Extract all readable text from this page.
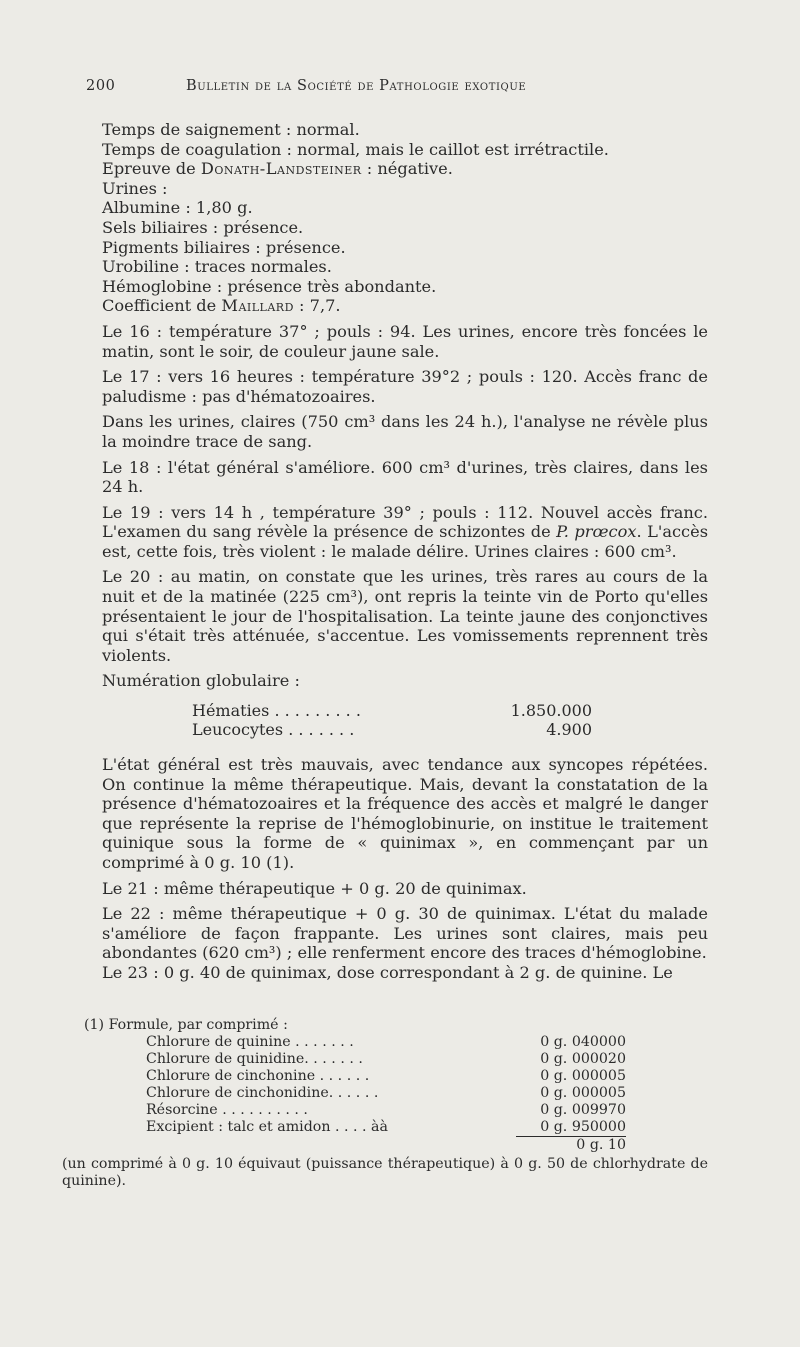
200	Bulletin de la Société de Pathologie exotique

Temps de saignement : normal.

Temps de coagulation : normal, mais le caillot est irrétractile.

Epreuve de Donath-Landsteiner : négative.

Urines :

Albumine : 1,80 g.

Sels biliaires : présence.

Pigments biliaires : présence.

Urobiline : traces normales.

Hémoglobine : présence très abondante.

Coefficient de Maillard : 7,7.

Le 16 : température 37° ; pouls : 94. Les urines, encore très foncées le matin, sont le soir, de couleur jaune sale.

Le 17 : vers 16 heures : température 39°2 ; pouls : 120. Accès franc de paludisme : pas d'hématozoaires.

Dans les urines, claires (750 cm³ dans les 24 h.), l'analyse ne révèle plus la moindre trace de sang.

Le 18 : l'état général s'améliore. 600 cm³ d'urines, très claires, dans les 24 h.

Le 19 : vers 14 h , température 39° ; pouls : 112. Nouvel accès franc. L'examen du sang révèle la présence de schizontes de P. prœcox. L'accès est, cette fois, très violent : le malade délire. Urines claires : 600 cm³.

Le 20 : au matin, on constate que les urines, très rares au cours de la nuit et de la matinée (225 cm³), ont repris la teinte vin de Porto qu'elles présentaient le jour de l'hospitalisation. La teinte jaune des conjonctives qui s'était très atténuée, s'accentue. Les vomissements reprennent très violents.

Numération globulaire :

Hématies . . . . . . . . .	1.850.000
Leucocytes . . . . . . .	4.900

L'état général est très mauvais, avec tendance aux syncopes répétées. On continue la même thérapeutique. Mais, devant la constatation de la présence d'hématozoaires et la fréquence des accès et malgré le danger que représente la reprise de l'hémoglobinurie, on institue le traitement quinique sous la forme de « quinimax », en commençant par un comprimé à 0 g. 10 (1).

Le 21 : même thérapeutique + 0 g. 20 de quinimax.

Le 22 : même thérapeutique + 0 g. 30 de quinimax. L'état du malade s'améliore de façon frappante. Les urines sont claires, mais peu abondantes (620 cm³) ; elle renferment encore des traces d'hémoglobine.

Le 23 : 0 g. 40 de quinimax, dose correspondant à 2 g. de quinine. Le

(1) Formule, par comprimé :
Chlorure de quinine . . . . . . .	0 g. 040000
Chlorure de quinidine. . . . . . .	0 g. 000020
Chlorure de cinchonine . . . . . .	0 g. 000005
Chlorure de cinchonidine. . . . . .	0 g. 000005
Résorcine . . . . . . . . . .	0 g. 009970
Excipient : talc et amidon . . . . àà	0 g. 950000
0 g. 10
(un comprimé à 0 g. 10 équivaut (puissance thérapeutique) à 0 g. 50 de chlorhydrate de quinine).
